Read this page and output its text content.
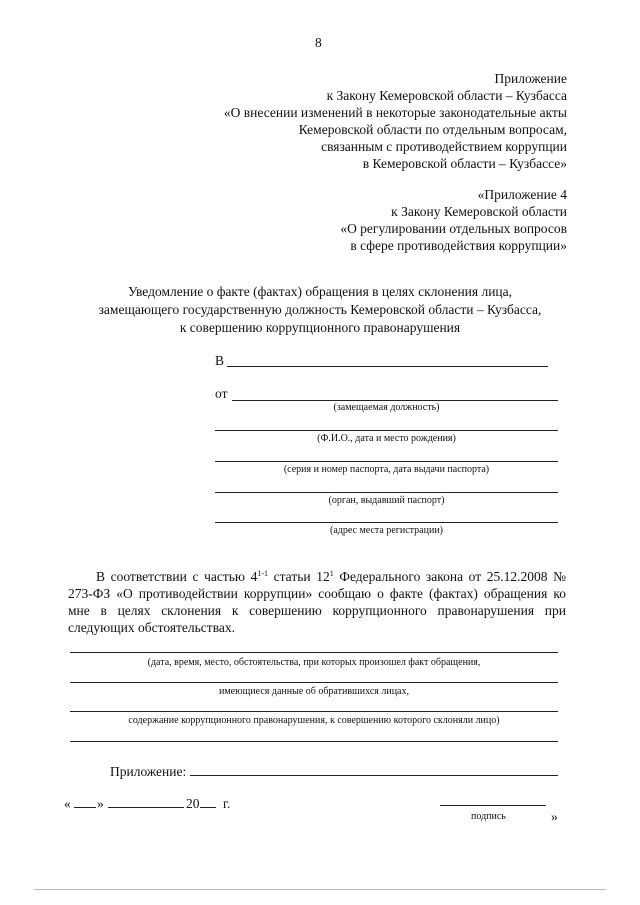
8
Приложение
к Закону Кемеровской области – Кузбасса
«О внесении изменений в некоторые законодательные акты
Кемеровской области по отдельным вопросам,
связанным с противодействием коррупции
в Кемеровской области – Кузбассе»
«Приложение 4
к Закону Кемеровской области
«О регулировании отдельных вопросов
в сфере противодействия коррупции»
Уведомление о факте (фактах) обращения в целях склонения лица,
замещающего государственную должность Кемеровской области – Кузбасса,
к совершению коррупционного правонарушения
В
от
(замещаемая должность)
(Ф.И.О., дата и место рождения)
(серия и номер паспорта, дата выдачи паспорта)
(орган, выдавший паспорт)
(адрес места регистрации)
В соответствии с частью 4$^{1-1}$ статьи $12^1$ Федерального закона от 25.12.2008 № 273-ФЗ «О противодействии коррупции» сообщаю о факте (фактах) обращения ко мне в целях склонения к совершению коррупционного правонарушения при следующих обстоятельствах.
(дата, время, место, обстоятельства, при которых произошел факт обращения,
имеющиеся данные об обратившихся лицах,
содержание коррупционного правонарушения, к совершению которого склоняли лицо)
Приложение:
« »	20 г.
подпись	»
